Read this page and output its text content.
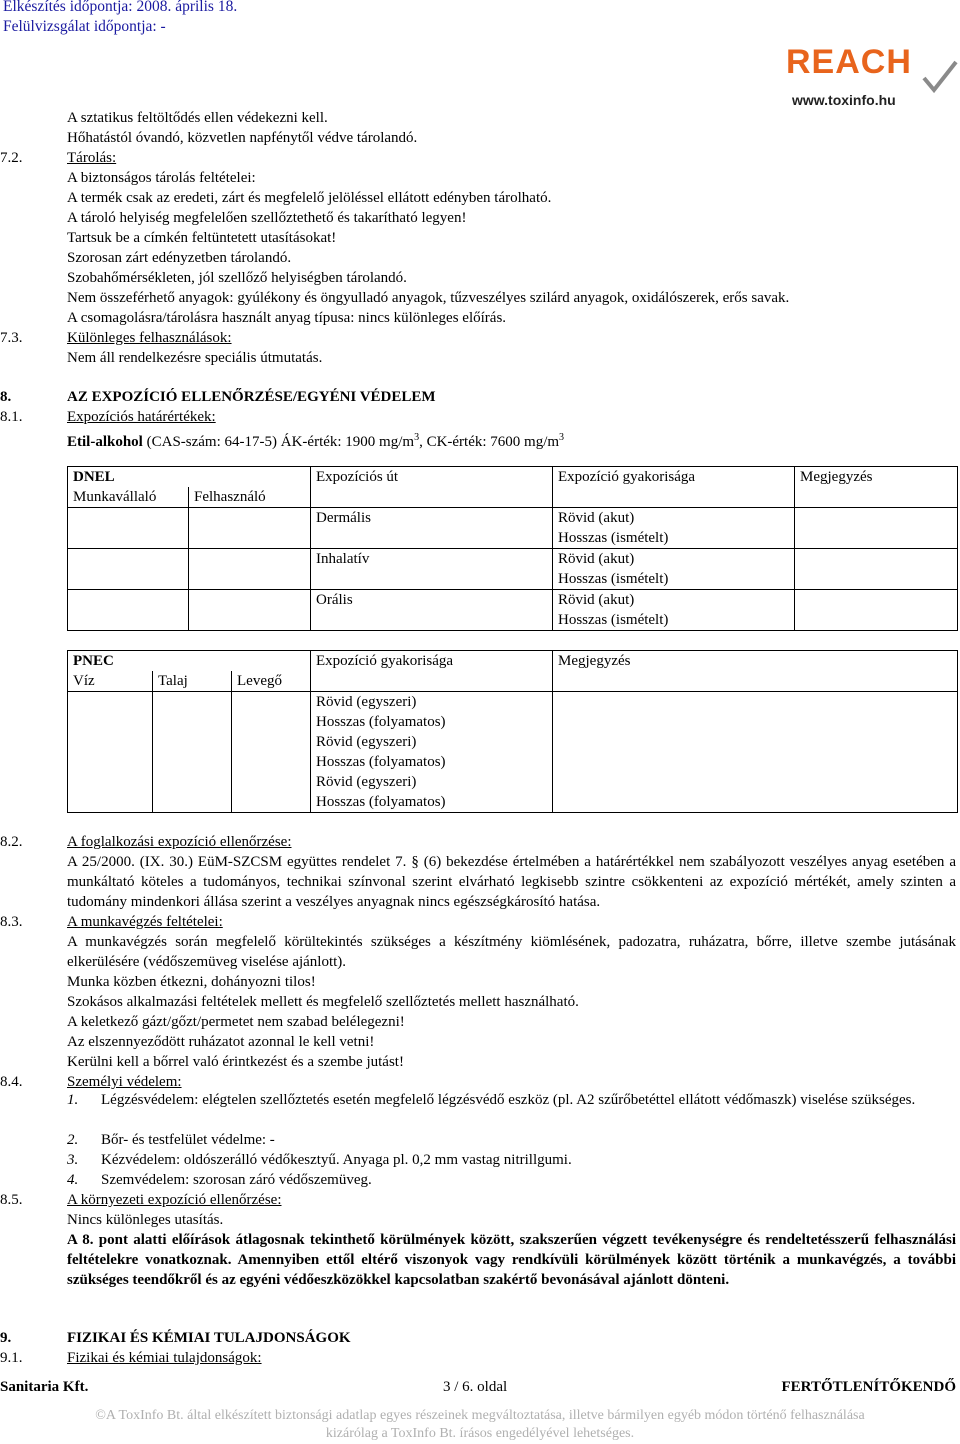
Elkészítés időpontja: 2008. április 18.
Felülvizsgálat időpontja: -
REACH
www.toxinfo.hu
A sztatikus feltöltődés ellen védekezni kell.
Hőhatástól óvandó, közvetlen napfénytől védve tárolandó.
7.2.	Tárolás:
A biztonságos tárolás feltételei:
A termék csak az eredeti, zárt és megfelelő jelöléssel ellátott edényben tárolható.
A tároló helyiség megfelelően szellőztethető és takarítható legyen!
Tartsuk be a címkén feltüntetett utasításokat!
Szorosan zárt edényzetben tárolandó.
Szobahőmérsékleten, jól szellőző helyiségben tárolandó.
Nem összeférhető anyagok: gyúlékony és öngyulladó anyagok, tűzveszélyes szilárd anyagok, oxidálószerek, erős savak.
A csomagolásra/tárolásra használt anyag típusa: nincs különleges előírás.
7.3.	Különleges felhasználások:
Nem áll rendelkezésre speciális útmutatás.
8.	AZ EXPOZÍCIÓ ELLENŐRZÉSE/EGYÉNI VÉDELEM
8.1.	Expozíciós határértékek:
Etil-alkohol (CAS-szám: 64-17-5) ÁK-érték: 1900 $mg/m^3$, CK-érték: 7600 $mg/m^3$
DNEL		Expozíciós út	Expozíció gyakorisága	Megjegyzés
Munkavállaló	Felhasználó			
		Dermális	Rövid (akut)
Hosszas (ismételt)	
		Inhalatív	Rövid (akut)
Hosszas (ismételt)	
		Orális	Rövid (akut)
Hosszas (ismételt)	
PNEC			Expozíció gyakorisága	Megjegyzés
Víz	Talaj	Levegő		
			Rövid (egyszeri)
Hosszas (folyamatos)	
			Rövid (egyszeri)
Hosszas (folyamatos)	
			Rövid (egyszeri)
Hosszas (folyamatos)	
8.2.	A foglalkozási expozíció ellenőrzése:
A 25/2000. (IX. 30.) EüM-SZCSM együttes rendelet 7. § (6) bekezdése értelmében a határértékkel nem szabályozott veszélyes anyag esetében a munkáltató köteles a tudományos, technikai színvonal szerint elvárható legkisebb szintre csökkenteni az expozíció mértékét, amely szinten a tudomány mindenkori állása szerint a veszélyes anyagnak nincs egészségkárosító hatása.
8.3.	A munkavégzés feltételei:
A munkavégzés során megfelelő körültekintés szükséges a készítmény kiömlésének, padozatra, ruházatra, bőrre, illetve szembe jutásának elkerülésére (védőszemüveg viselése ajánlott).
Munka közben étkezni, dohányozni tilos!
Szokásos alkalmazási feltételek mellett és megfelelő szellőztetés mellett használható.
A keletkező gázt/gőzt/permetet nem szabad belélegezni!
Az elszennyeződött ruházatot azonnal le kell vetni!
Kerülni kell a bőrrel való érintkezést és a szembe jutást!
8.4.	Személyi védelem:
1. Légzésvédelem: elégtelen szellőztetés esetén megfelelő légzésvédő eszköz (pl. A2 szűrőbetéttel ellátott védőmaszk) viselése szükséges.
2. Bőr- és testfelület védelme: -
3. Kézvédelem: oldószerálló védőkesztyű. Anyaga pl. 0,2 mm vastag nitrillgumi.
4. Szemvédelem: szorosan záró védőszemüveg.
8.5.	A környezeti expozíció ellenőrzése:
Nincs különleges utasítás.
A 8. pont alatti előírások átlagosnak tekinthető körülmények között, szakszerűen végzett tevékenységre és rendeltetésszerű felhasználási feltételekre vonatkoznak. Amennyiben ettől eltérő viszonyok vagy rendkívüli körülmények között történik a munkavégzés, a további szükséges teendőkről és az egyéni védőeszközökkel kapcsolatban szakértő bevonásával ajánlott dönteni.
9.	FIZIKAI ÉS KÉMIAI TULAJDONSÁGOK
9.1.	Fizikai és kémiai tulajdonságok:
Sanitaria Kft.	3 / 6. oldal	FERTŐTLENÍTŐKENDŐ
©A ToxInfo Bt. által elkészített biztonsági adatlap egyes részeinek megváltoztatása, illetve bármilyen egyéb módon történő felhasználása
kizárólag a ToxInfo Bt. írásos engedélyével lehetséges.
